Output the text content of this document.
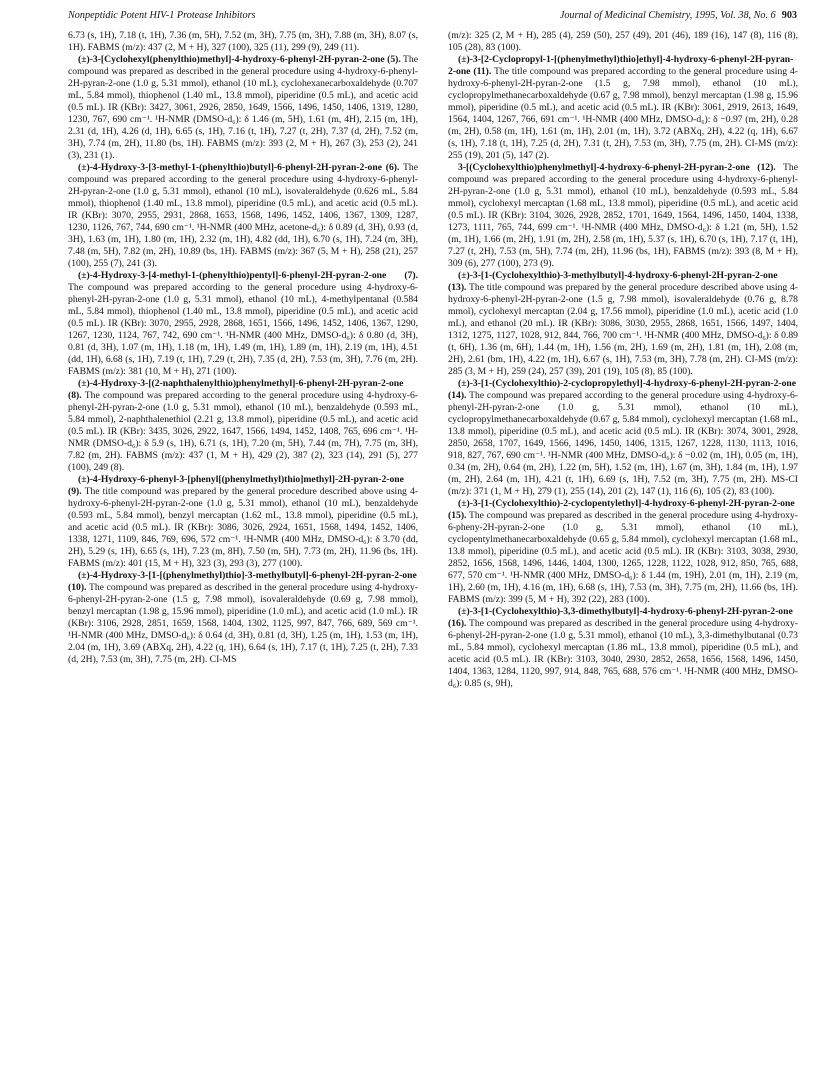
Nonpeptidic Potent HIV-1 Protease Inhibitors	Journal of Medicinal Chemistry, 1995, Vol. 38, No. 6 903

6.73 (s, 1H), 7.18 (t, 1H), 7.36 (m, 5H), 7.52 (m, 3H), 7.75 (m, 3H), 7.88 (m, 3H), 8.07 (s, 1H). FABMS (m/z): 437 (2, M + H), 327 (100), 325 (11), 299 (9), 249 (11).

(±)-3-[Cyclohexyl(phenylthio)methyl]-4-hydroxy-6-phenyl-2H-pyran-2-one (5). The compound was prepared as described in the general procedure using 4-hydroxy-6-phenyl-2H-pyran-2-one (1.0 g, 5.31 mmol), ethanol (10 mL), cyclohexanecarboxaldehyde (0.707 mL, 5.84 mmol), thiophenol (1.40 mL, 13.8 mmol), piperidine (0.5 mL), and acetic acid (0.5 mL). IR (KBr): 3427, 3061, 2926, 2850, 1649, 1566, 1496, 1450, 1406, 1319, 1280, 1230, 767, 690 cm⁻¹. ¹H-NMR (DMSO-d₆): δ 1.46 (m, 5H), 1.61 (m, 4H), 2.15 (m, 1H), 2.31 (d, 1H), 4.26 (d, 1H), 6.65 (s, 1H), 7.16 (t, 1H), 7.27 (t, 2H), 7.37 (d, 2H), 7.52 (m, 3H), 7.74 (m, 2H), 11.80 (bs, 1H). FABMS (m/z): 393 (2, M + H), 267 (3), 253 (2), 241 (3), 231 (1).

(±)-4-Hydroxy-3-[3-methyl-1-(phenylthio)butyl]-6-phenyl-2H-pyran-2-one (6). The compound was prepared according to the general procedure using 4-hydroxy-6-phenyl-2H-pyran-2-one (1.0 g, 5.31 mmol), ethanol (10 mL), isovaleraldehyde (0.626 mL, 5.84 mmol), thiophenol (1.40 mL, 13.8 mmol), piperidine (0.5 mL), and acetic acid (0.5 mL). IR (KBr): 3070, 2955, 2931, 2868, 1653, 1568, 1496, 1452, 1406, 1367, 1309, 1287, 1230, 1126, 767, 744, 690 cm⁻¹. ¹H-NMR (400 MHz, acetone-d₆): δ 0.89 (d, 3H), 0.93 (d, 3H), 1.63 (m, 1H), 1.80 (m, 1H), 2.32 (m, 1H), 4.82 (dd, 1H), 6.70 (s, 1H), 7.24 (m, 3H), 7.48 (m, 5H), 7.82 (m, 2H), 10.89 (bs, 1H). FABMS (m/z): 367 (5, M + H), 258 (21), 257 (100), 255 (7), 241 (3).

(±)-4-Hydroxy-3-[4-methyl-1-(phenylthio)pentyl]-6-phenyl-2H-pyran-2-one (7). The compound was prepared according to the general procedure using 4-hydroxy-6-phenyl-2H-pyran-2-one (1.0 g, 5.31 mmol), ethanol (10 mL), 4-methylpentanal (0.584 mL, 5.84 mmol), thiophenol (1.40 mL, 13.8 mmol), piperidine (0.5 mL), and acetic acid (0.5 mL). IR (KBr): 3070, 2955, 2928, 2868, 1651, 1566, 1496, 1452, 1406, 1367, 1290, 1267, 1230, 1124, 767, 742, 690 cm⁻¹. ¹H-NMR (400 MHz, DMSO-d₆): δ 0.80 (d, 3H), 0.81 (d, 3H), 1.07 (m, 1H), 1.18 (m, 1H), 1.49 (m, 1H), 1.89 (m, 1H), 2.19 (m, 1H), 4.51 (dd, 1H), 6.68 (s, 1H), 7.19 (t, 1H), 7.29 (t, 2H), 7.35 (d, 2H), 7.53 (m, 3H), 7.76 (m, 2H). FABMS (m/z): 381 (10, M + H), 271 (100).

(±)-4-Hydroxy-3-[(2-naphthalenylthio)phenylmethyl]-6-phenyl-2H-pyran-2-one (8). The compound was prepared according to the general procedure using 4-hydroxy-6-phenyl-2H-pyran-2-one (1.0 g, 5.31 mmol), ethanol (10 mL), benzaldehyde (0.593 mL, 5.84 mmol), 2-naphthalenethiol (2.21 g, 13.8 mmol), piperidine (0.5 mL), and acetic acid (0.5 mL). IR (KBr): 3435, 3026, 2922, 1647, 1566, 1494, 1452, 1408, 765, 696 cm⁻¹. ¹H-NMR (DMSO-d₆): δ 5.9 (s, 1H), 6.71 (s, 1H), 7.20 (m, 5H), 7.44 (m, 7H), 7.75 (m, 3H), 7.82 (m, 2H). FABMS (m/z): 437 (1, M + H), 429 (2), 387 (2), 323 (14), 291 (5), 277 (100), 249 (8).

(±)-4-Hydroxy-6-phenyl-3-[phenyl[(phenylmethyl)thio]methyl]-2H-pyran-2-one (9). The title compound was prepared by the general procedure described above using 4-hydroxy-6-phenyl-2H-pyran-2-one (1.0 g, 5.31 mmol), ethanol (10 mL), benzaldehyde (0.593 mL, 5.84 mmol), benzyl mercaptan (1.62 mL, 13.8 mmol), piperidine (0.5 mL), and acetic acid (0.5 mL). IR (KBr): 3086, 3026, 2924, 1651, 1568, 1494, 1452, 1406, 1338, 1271, 1109, 846, 769, 696, 572 cm⁻¹. ¹H-NMR (400 MHz, DMSO-d₆): δ 3.70 (dd, 2H), 5.29 (s, 1H), 6.65 (s, 1H), 7.23 (m, 8H), 7.50 (m, 5H), 7.73 (m, 2H), 11.96 (bs, 1H). FABMS (m/z): 401 (15, M + H), 323 (3), 293 (3), 277 (100).

(±)-4-Hydroxy-3-[1-[(phenylmethyl)thio]-3-methylbutyl]-6-phenyl-2H-pyran-2-one (10). The compound was prepared as described in the general procedure using 4-hydroxy-6-phenyl-2H-pyran-2-one (1.5 g, 7.98 mmol), isovaleraldehyde (0.69 g, 7.98 mmol), benzyl mercaptan (1.98 g, 15.96 mmol), piperidine (1.0 mL), and acetic acid (1.0 mL). IR (KBr): 3106, 2928, 2851, 1659, 1568, 1404, 1302, 1125, 997, 847, 766, 689, 569 cm⁻¹. ¹H-NMR (400 MHz, DMSO-d₆): δ 0.64 (d, 3H), 0.81 (d, 3H), 1.25 (m, 1H), 1.53 (m, 1H), 2.04 (m, 1H), 3.69 (ABXq, 2H), 4.22 (q, 1H), 6.64 (s, 1H), 7.17 (t, 1H), 7.25 (t, 2H), 7.33 (d, 2H), 7.53 (m, 3H), 7.75 (m, 2H). CI-MS

(m/z): 325 (2, M + H), 285 (4), 259 (50), 257 (49), 201 (46), 189 (16), 147 (8), 116 (8), 105 (28), 83 (100).

(±)-3-[2-Cyclopropyl-1-[(phenylmethyl)thio]ethyl]-4-hydroxy-6-phenyl-2H-pyran-2-one (11). The title compound was prepared according to the general procedure using 4-hydroxy-6-phenyl-2H-pyran-2-one (1.5 g, 7.98 mmol), ethanol (10 mL), cyclopropylmethanecarboxaldehyde (0.67 g, 7.98 mmol), benzyl mercaptan (1.98 g, 15.96 mmol), piperidine (0.5 mL), and acetic acid (0.5 mL). IR (KBr): 3061, 2919, 2613, 1649, 1564, 1404, 1267, 766, 691 cm⁻¹. ¹H-NMR (400 MHz, DMSO-d₆): δ −0.97 (m, 2H), 0.28 (m, 2H), 0.58 (m, 1H), 1.61 (m, 1H), 2.01 (m, 1H), 3.72 (ABXq, 2H), 4.22 (q, 1H), 6.67 (s, 1H), 7.18 (t, 1H), 7.25 (d, 2H), 7.31 (t, 2H), 7.53 (m, 3H), 7.75 (m, 2H). CI-MS (m/z): 255 (19), 201 (5), 147 (2).

3-[(Cyclohexylthio)phenylmethyl]-4-hydroxy-6-phenyl-2H-pyran-2-one (12). The compound was prepared according to the general procedure using 4-hydroxy-6-phenyl-2H-pyran-2-one (1.0 g, 5.31 mmol), ethanol (10 mL), benzaldehyde (0.593 mL, 5.84 mmol), cyclohexyl mercaptan (1.68 mL, 13.8 mmol), piperidine (0.5 mL), and acetic acid (0.5 mL). IR (KBr): 3104, 3026, 2928, 2852, 1701, 1649, 1564, 1496, 1450, 1404, 1338, 1273, 1111, 765, 744, 699 cm⁻¹. ¹H-NMR (400 MHz, DMSO-d₆): δ 1.21 (m, 5H), 1.52 (m, 1H), 1.66 (m, 2H), 1.91 (m, 2H), 2.58 (m, 1H), 5.37 (s, 1H), 6.70 (s, 1H), 7.17 (t, 1H), 7.27 (t, 2H), 7.53 (m, 5H), 7.74 (m, 2H), 11.96 (bs, 1H), FABMS (m/z): 393 (8, M + H), 309 (6), 277 (100), 273 (9).

(±)-3-[1-(Cyclohexylthio)-3-methylbutyl]-4-hydroxy-6-phenyl-2H-pyran-2-one (13). The title compound was prepared by the general procedure described above using 4-hydroxy-6-phenyl-2H-pyran-2-one (1.5 g, 7.98 mmol), isovaleraldehyde (0.76 g, 8.78 mmol), cyclohexyl mercaptan (2.04 g, 17.56 mmol), piperidine (1.0 mL), acetic acid (1.0 mL), and ethanol (20 mL). IR (KBr): 3086, 3030, 2955, 2868, 1651, 1566, 1497, 1404, 1312, 1275, 1127, 1028, 912, 844, 766, 700 cm⁻¹. ¹H-NMR (400 MHz, DMSO-d₆): δ 0.89 (t, 6H), 1.36 (m, 6H), 1.44 (m, 1H), 1.56 (m, 2H), 1.69 (m, 2H), 1.81 (m, 1H), 2.08 (m, 2H), 2.61 (bm, 1H), 4.22 (m, 1H), 6.67 (s, 1H), 7.53 (m, 3H), 7.78 (m, 2H). CI-MS (m/z): 285 (3, M + H), 259 (24), 257 (39), 201 (19), 105 (8), 85 (100).

(±)-3-[1-(Cyclohexylthio)-2-cyclopropylethyl]-4-hydroxy-6-phenyl-2H-pyran-2-one (14). The compound was prepared according to the general procedure using 4-hydroxy-6-phenyl-2H-pyran-2-one (1.0 g, 5.31 mmol), ethanol (10 mL), cyclopropylmethanecarboxaldehyde (0.67 g, 5.84 mmol), cyclohexyl mercaptan (1.68 mL, 13.8 mmol), piperidine (0.5 mL), and acetic acid (0.5 mL). IR (KBr): 3074, 3001, 2928, 2850, 2658, 1707, 1649, 1566, 1496, 1450, 1406, 1315, 1267, 1228, 1130, 1113, 1016, 918, 827, 767, 690 cm⁻¹. ¹H-NMR (400 MHz, DMSO-d₆): δ −0.02 (m, 1H), 0.05 (m, 1H), 0.34 (m, 2H), 0.64 (m, 2H), 1.22 (m, 5H), 1.52 (m, 1H), 1.67 (m, 3H), 1.84 (m, 1H), 1.97 (m, 2H), 2.64 (m, 1H), 4.21 (t, 1H), 6.69 (s, 1H), 7.52 (m, 3H), 7.75 (m, 2H). MS-CI (m/z): 371 (1, M + H), 279 (1), 255 (14), 201 (2), 147 (1), 116 (6), 105 (2), 83 (100).

(±)-3-[1-(Cyclohexylthio)-2-cyclopentylethyl]-4-hydroxy-6-phenyl-2H-pyran-2-one (15). The compound was prepared as described in the general procedure using 4-hydroxy-6-pheny-2H-pyran-2-one (1.0 g, 5.31 mmol), ethanol (10 mL), cyclopentylmethanecarboxaldehyde (0.65 g, 5.84 mmol), cyclohexyl mercaptan (1.68 mL, 13.8 mmol), piperidine (0.5 mL), and acetic acid (0.5 mL). IR (KBr): 3103, 3038, 2930, 2852, 1656, 1568, 1496, 1446, 1404, 1300, 1265, 1228, 1122, 1028, 912, 850, 765, 688, 677, 570 cm⁻¹. ¹H-NMR (400 MHz, DMSO-d₆): δ 1.44 (m, 19H), 2.01 (m, 1H), 2.19 (m, 1H), 2.60 (m, 1H), 4.16 (m, 1H), 6.68 (s, 1H), 7.53 (m, 3H), 7.75 (m, 2H), 11.66 (bs, 1H). FABMS (m/z): 399 (5, M + H), 392 (22), 283 (100).

(±)-3-[1-(Cyclohexylthio)-3,3-dimethylbutyl]-4-hydroxy-6-phenyl-2H-pyran-2-one (16). The compound was prepared as described in the general procedure using 4-hydroxy-6-phenyl-2H-pyran-2-one (1.0 g, 5.31 mmol), ethanol (10 mL), 3,3-dimethylbutanal (0.73 mL, 5.84 mmol), cyclohexyl mercaptan (1.86 mL, 13.8 mmol), piperidine (0.5 mL), and acetic acid (0.5 mL). IR (KBr): 3103, 3040, 2930, 2852, 2658, 1656, 1568, 1496, 1450, 1404, 1363, 1284, 1120, 997, 914, 848, 765, 688, 576 cm⁻¹. ¹H-NMR (400 MHz, DMSO-d₆): 0.85 (s, 9H),
